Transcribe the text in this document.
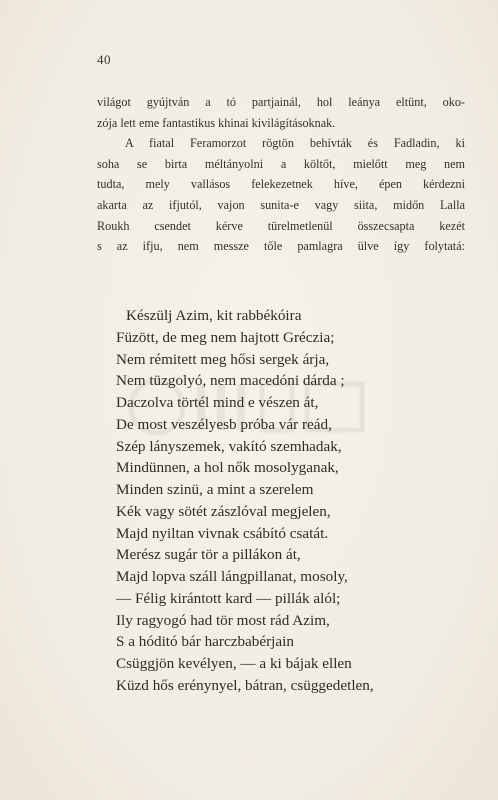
40
világot gyújtván a tó partjainál, hol leánya eltünt, oko-
zója lett eme fantastikus khinai kivilágításoknak.
A fiatal Feramorzot rögtön behívták és Fadladin, ki
soha se birta méltányolni a költőt, mielőtt meg nem
tudta, mely vallásos felekezetnek híve, épen kérdezni
akarta az ifjutól, vajon sunita-e vagy siita, midőn Lalla
Roukh csendet kérve türelmetlenül összecsapta kezét
s az ifju, nem messze tőle pamlagra ülve így folytatá:
Készülj Azim, kit rabbékóira
Füzött, de meg nem hajtott Gréczia;
Nem rémitett meg hősi sergek árja,
Nem tüzgolyó, nem macedóni dárda ;
Daczolva törtél mind e vészen át,
De most veszélyesb próba vár reád,
Szép lányszemek, vakító szemhadak,
Mindünnen, a hol nők mosolyganak,
Minden szinü, a mint a szerelem
Kék vagy sötét zászlóval megjelen,
Majd nyiltan vivnak csábító csatát.
Merész sugár tör a pillákon át,
Majd lopva száll lángpillanat, mosoly,
— Félig kirántott kard — pillák alól;
Ily ragyogó had tör most rád Azim,
S a hóditó bár harczbabérjain
Csüggjön kevélyen, — a ki bájak ellen
Küzd hős erénynyel, bátran, csüggedetlen,
